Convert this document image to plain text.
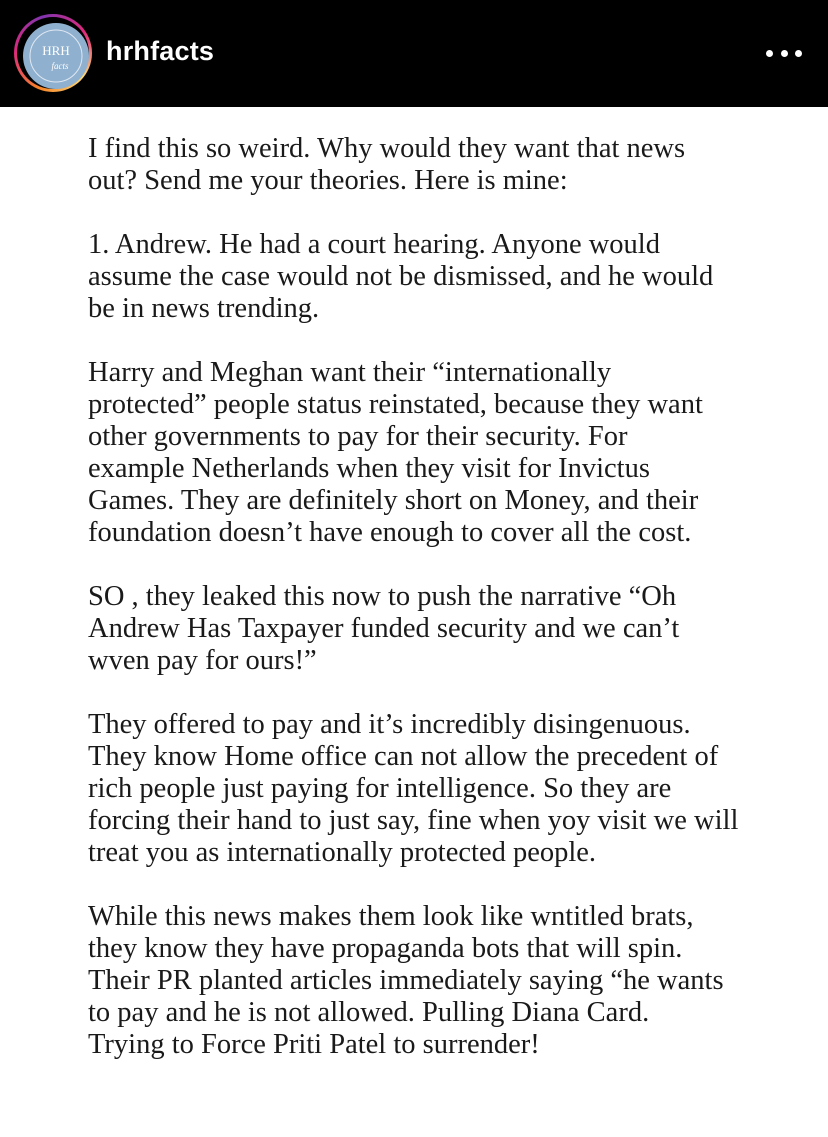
HRH
facts hrhfacts

I find this so weird. Why would they want that news
out? Send me your theories. Here is mine:

1. Andrew. He had a court hearing. Anyone would
assume the case would not be dismissed, and he would
be in news trending.

Harry and Meghan want their “internationally
protected” people status reinstated, because they want
other governments to pay for their security. For
example Netherlands when they visit for Invictus
Games. They are definitely short on Money, and their
foundation doesn’t have enough to cover all the cost.

SO , they leaked this now to push the narrative “Oh
Andrew Has Taxpayer funded security and we can’t
wven pay for ours!”

They offered to pay and it’s incredibly disingenuous.
They know Home office can not allow the precedent of
rich people just paying for intelligence. So they are
forcing their hand to just say, fine when yoy visit we will
treat you as internationally protected people.

While this news makes them look like wntitled brats,
they know they have propaganda bots that will spin.
Their PR planted articles immediately saying “he wants
to pay and he is not allowed. Pulling Diana Card.
Trying to Force Priti Patel to surrender!
